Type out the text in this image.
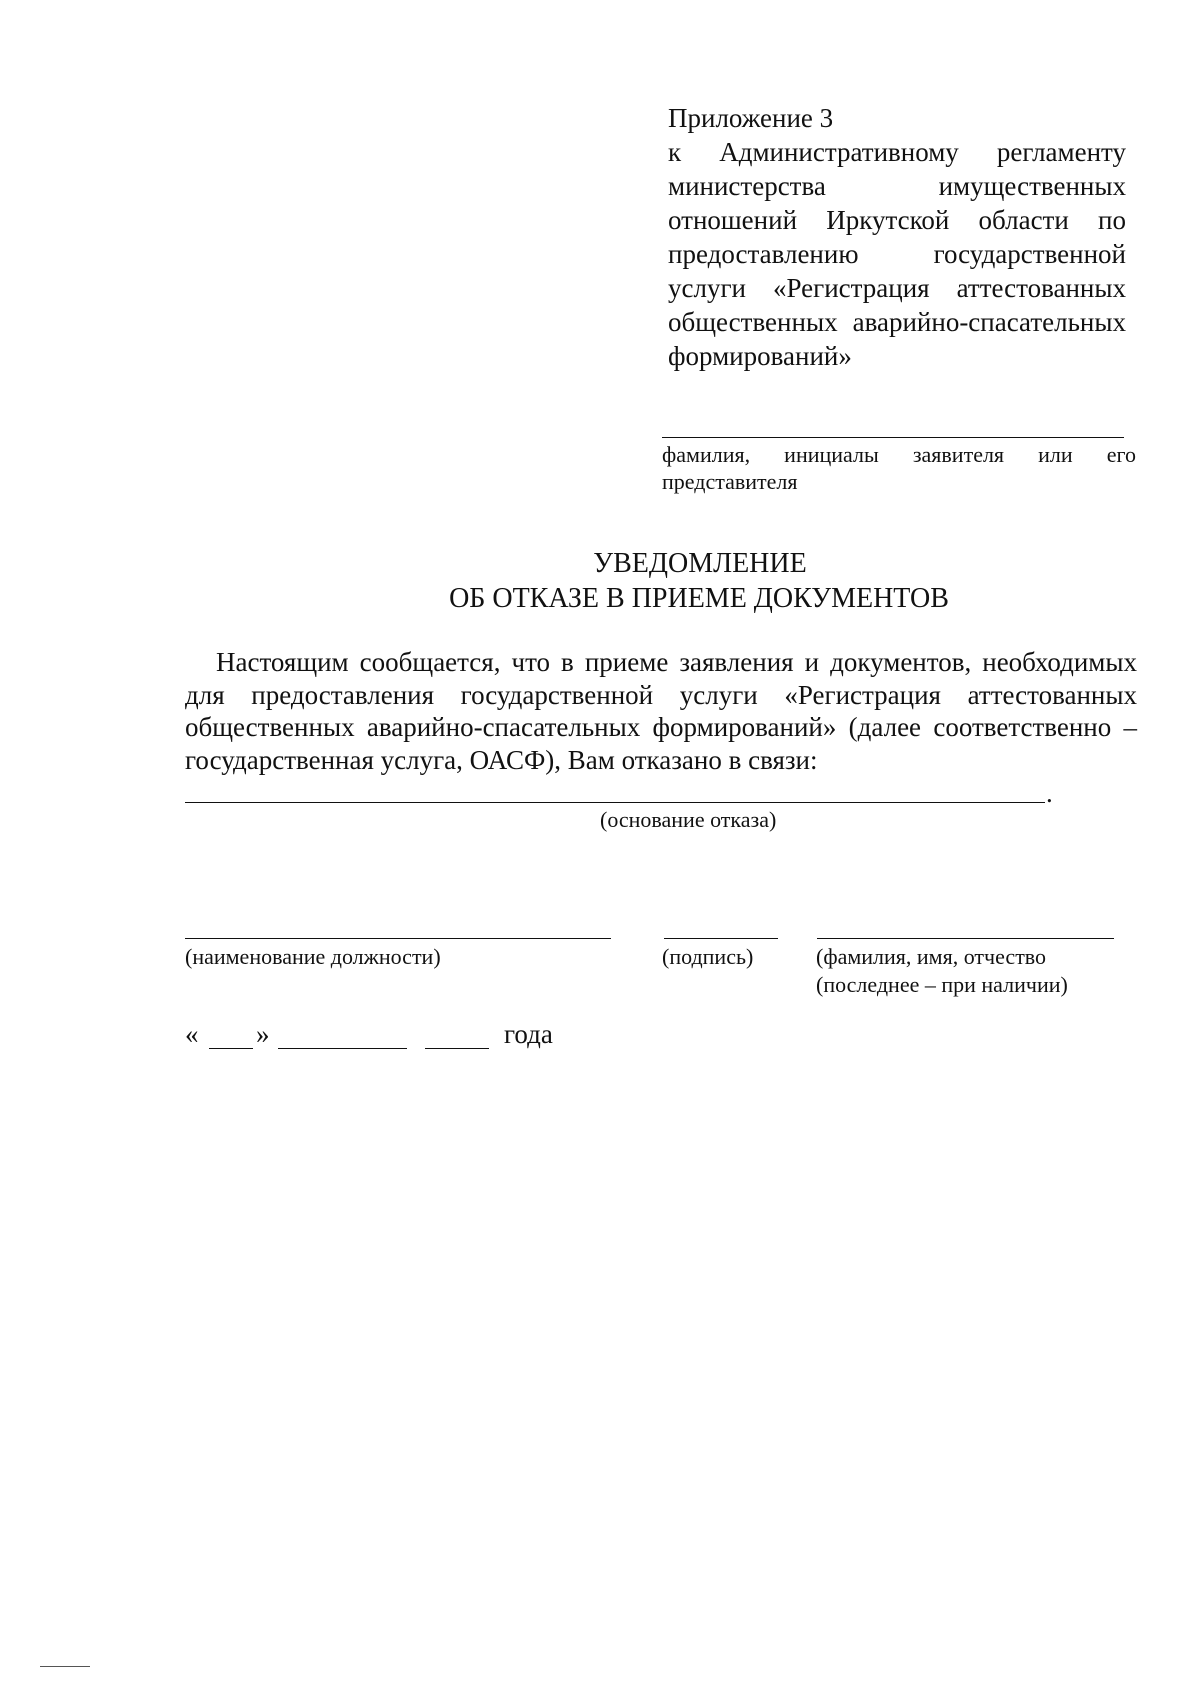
Приложение 3
к Административному регламенту министерства имущественных отношений Иркутской области по предоставлению государственной услуги «Регистрация аттестованных общественных аварийно-спасательных формирований»
фамилия, инициалы заявителя или его представителя
УВЕДОМЛЕНИЕ
ОБ ОТКАЗЕ В ПРИЕМЕ ДОКУМЕНТОВ
Настоящим сообщается, что в приеме заявления и документов, необходимых для предоставления государственной услуги «Регистрация аттестованных общественных аварийно-спасательных формирований» (далее соответственно – государственная услуга, ОАСФ), Вам отказано в связи:
.
(основание отказа)
(наименование должности)	(подпись)	(фамилия, имя, отчество
(последнее – при наличии)
« »	года
